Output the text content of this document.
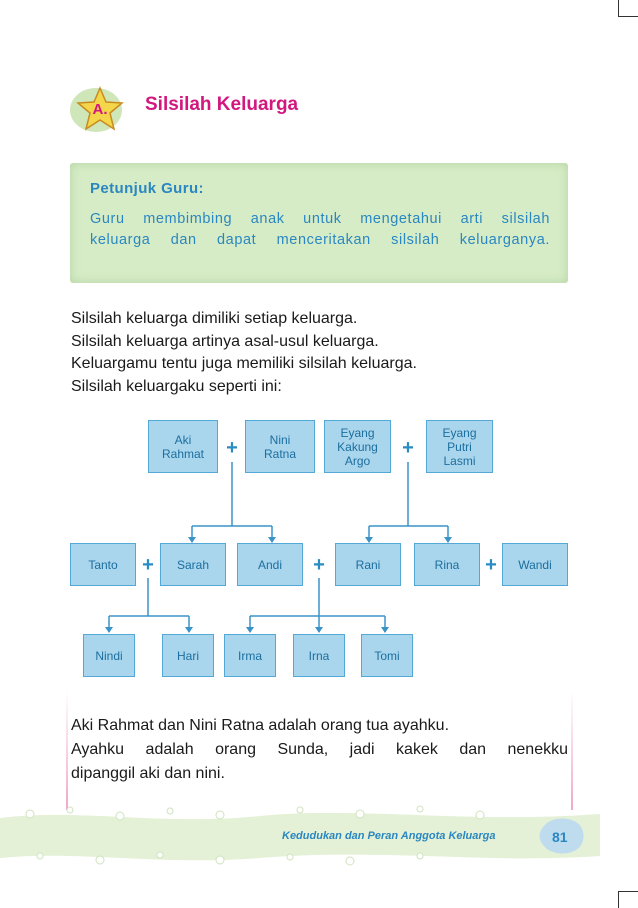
A. Silsilah Keluarga
Petunjuk Guru:
Guru membimbing anak untuk mengetahui arti silsilah
keluarga dan dapat menceritakan silsilah keluarganya.
Silsilah keluarga dimiliki setiap keluarga.
Silsilah keluarga artinya asal-usul keluarga.
Keluargamu tentu juga memiliki silsilah keluarga.
Silsilah keluargaku seperti ini:
Aki Rahmat	+	Nini Ratna
Eyang Kakung Argo
+
Eyang Putri Lasmi
Tanto	+	Sarah	Andi	+	Rani	Rina	+	Wandi
Nindi	Hari	Irma	Irna	Tomi
Aki Rahmat dan Nini Ratna adalah orang tua ayahku.
Ayahku adalah orang Sunda, jadi kakek dan nenekku
dipanggil aki dan nini.
Kedudukan dan Peran Anggota Keluarga	81
